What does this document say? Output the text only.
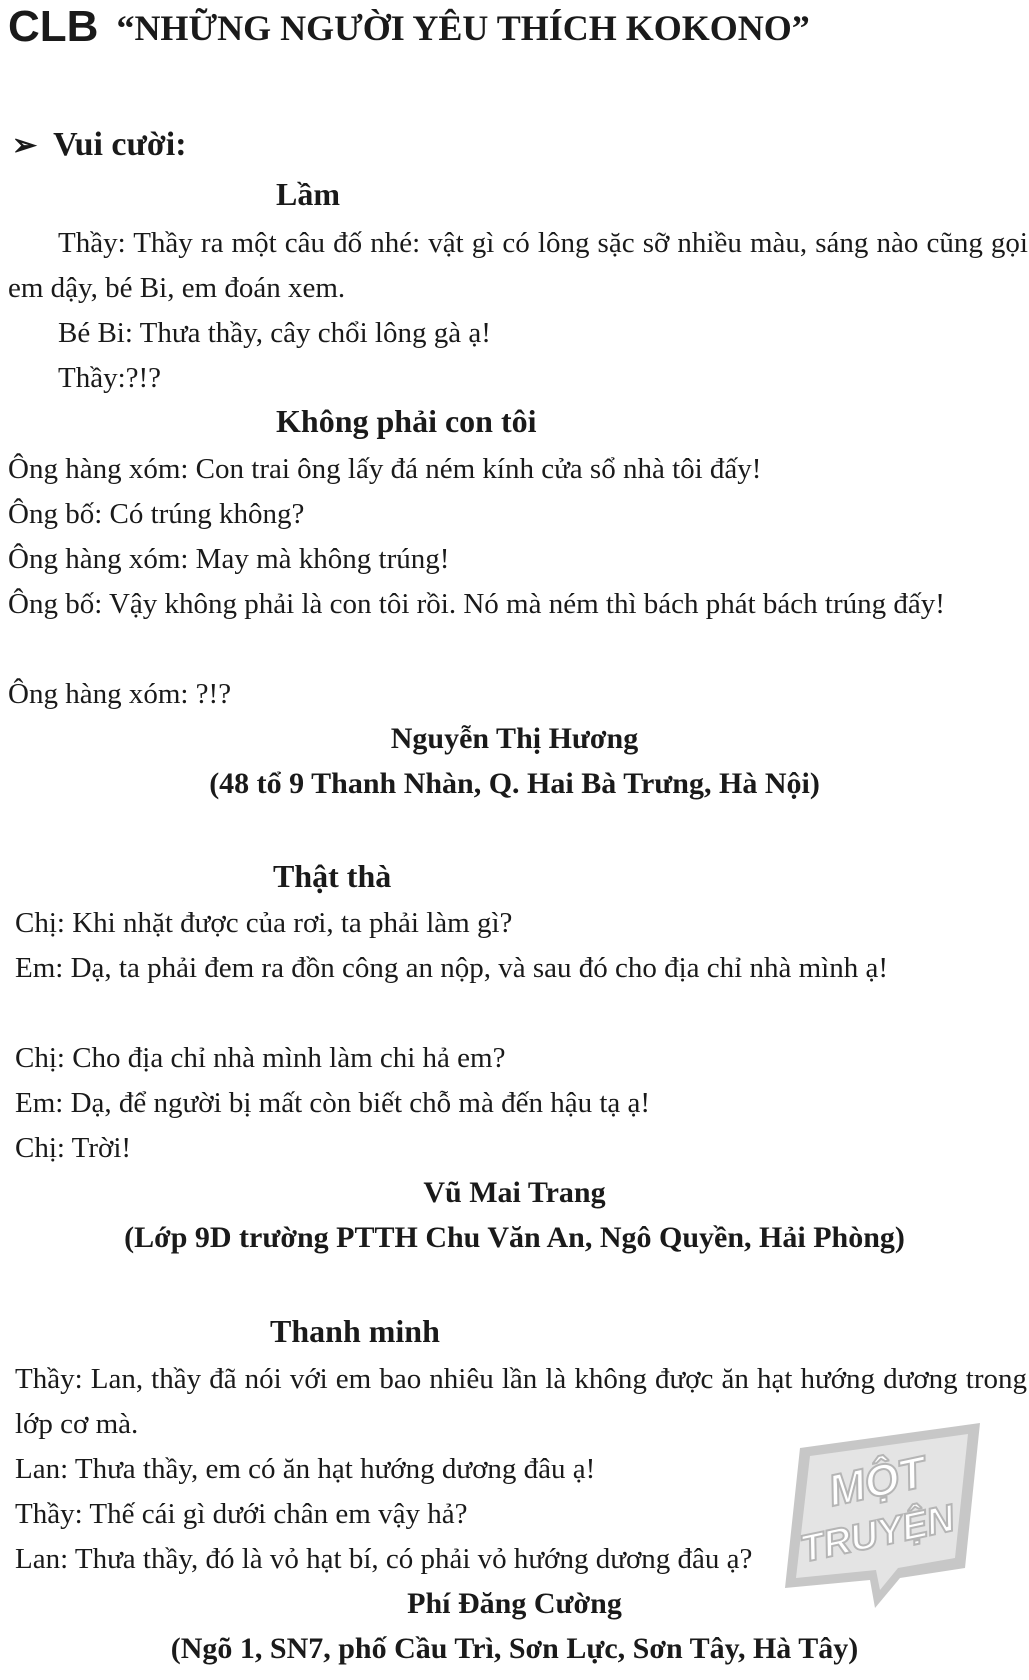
CLB “NHỮNG NGƯỜI YÊU THÍCH KOKONO”
➢ Vui cười:
Lầm
Thầy: Thầy ra một câu đố nhé: vật gì có lông sặc sỡ nhiều màu, sáng nào cũng gọi em dậy, bé Bi, em đoán xem.
Bé Bi: Thưa thầy, cây chổi lông gà ạ!
Thầy:?!?
Không phải con tôi
Ông hàng xóm: Con trai ông lấy đá ném kính cửa sổ nhà tôi đấy!
Ông bố: Có trúng không?
Ông hàng xóm: May mà không trúng!
Ông bố: Vậy không phải là con tôi rồi. Nó mà ném thì bách phát bách trúng đấy!
Ông hàng xóm: ?!?
Nguyễn Thị Hương
(48 tổ 9 Thanh Nhàn, Q. Hai Bà Trưng, Hà Nội)
Thật thà
Chị: Khi nhặt được của rơi, ta phải làm gì?
Em: Dạ, ta phải đem ra đồn công an nộp, và sau đó cho địa chỉ nhà mình ạ!
Chị: Cho địa chỉ nhà mình làm chi hả em?
Em: Dạ, để người bị mất còn biết chỗ mà đến hậu tạ ạ!
Chị: Trời!
Vũ Mai Trang
(Lớp 9D trường PTTH Chu Văn An, Ngô Quyền, Hải Phòng)
Thanh minh
Thầy: Lan, thầy đã nói với em bao nhiêu lần là không được ăn hạt hướng dương trong lớp cơ mà.
Lan: Thưa thầy, em có ăn hạt hướng dương đâu ạ!
Thầy: Thế cái gì dưới chân em vậy hả?
Lan: Thưa thầy, đó là vỏ hạt bí, có phải vỏ hướng dương đâu ạ?
Phí Đăng Cường
(Ngõ 1, SN7, phố Cầu Trì, Sơn Lực, Sơn Tây, Hà Tây)
MỘT
TRUYỆN
